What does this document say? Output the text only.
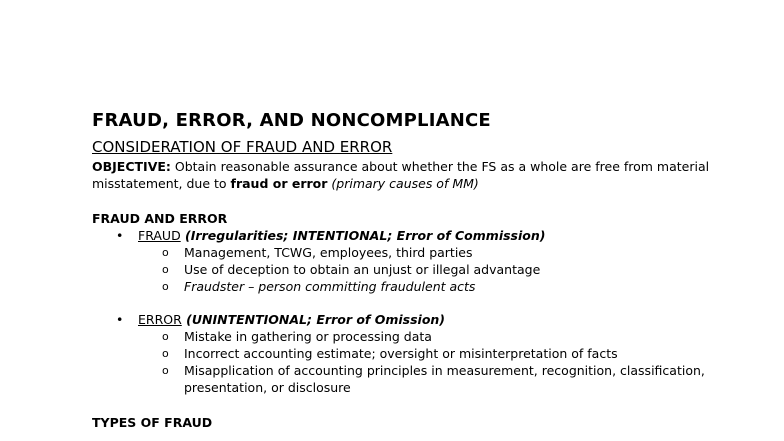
FRAUD, ERROR, AND NONCOMPLIANCE
CONSIDERATION OF FRAUD AND ERROR
OBJECTIVE: Obtain reasonable assurance about whether the FS as a whole are free from material misstatement, due to fraud or error (primary causes of MM)
FRAUD AND ERROR
• FRAUD (Irregularities; INTENTIONAL; Error of Commission)
o Management, TCWG, employees, third parties
o Use of deception to obtain an unjust or illegal advantage
o Fraudster – person committing fraudulent acts
• ERROR (UNINTENTIONAL; Error of Omission)
o Mistake in gathering or processing data
o Incorrect accounting estimate; oversight or misinterpretation of facts
o Misapplication of accounting principles in measurement, recognition, classification, presentation, or disclosure
TYPES OF FRAUD
